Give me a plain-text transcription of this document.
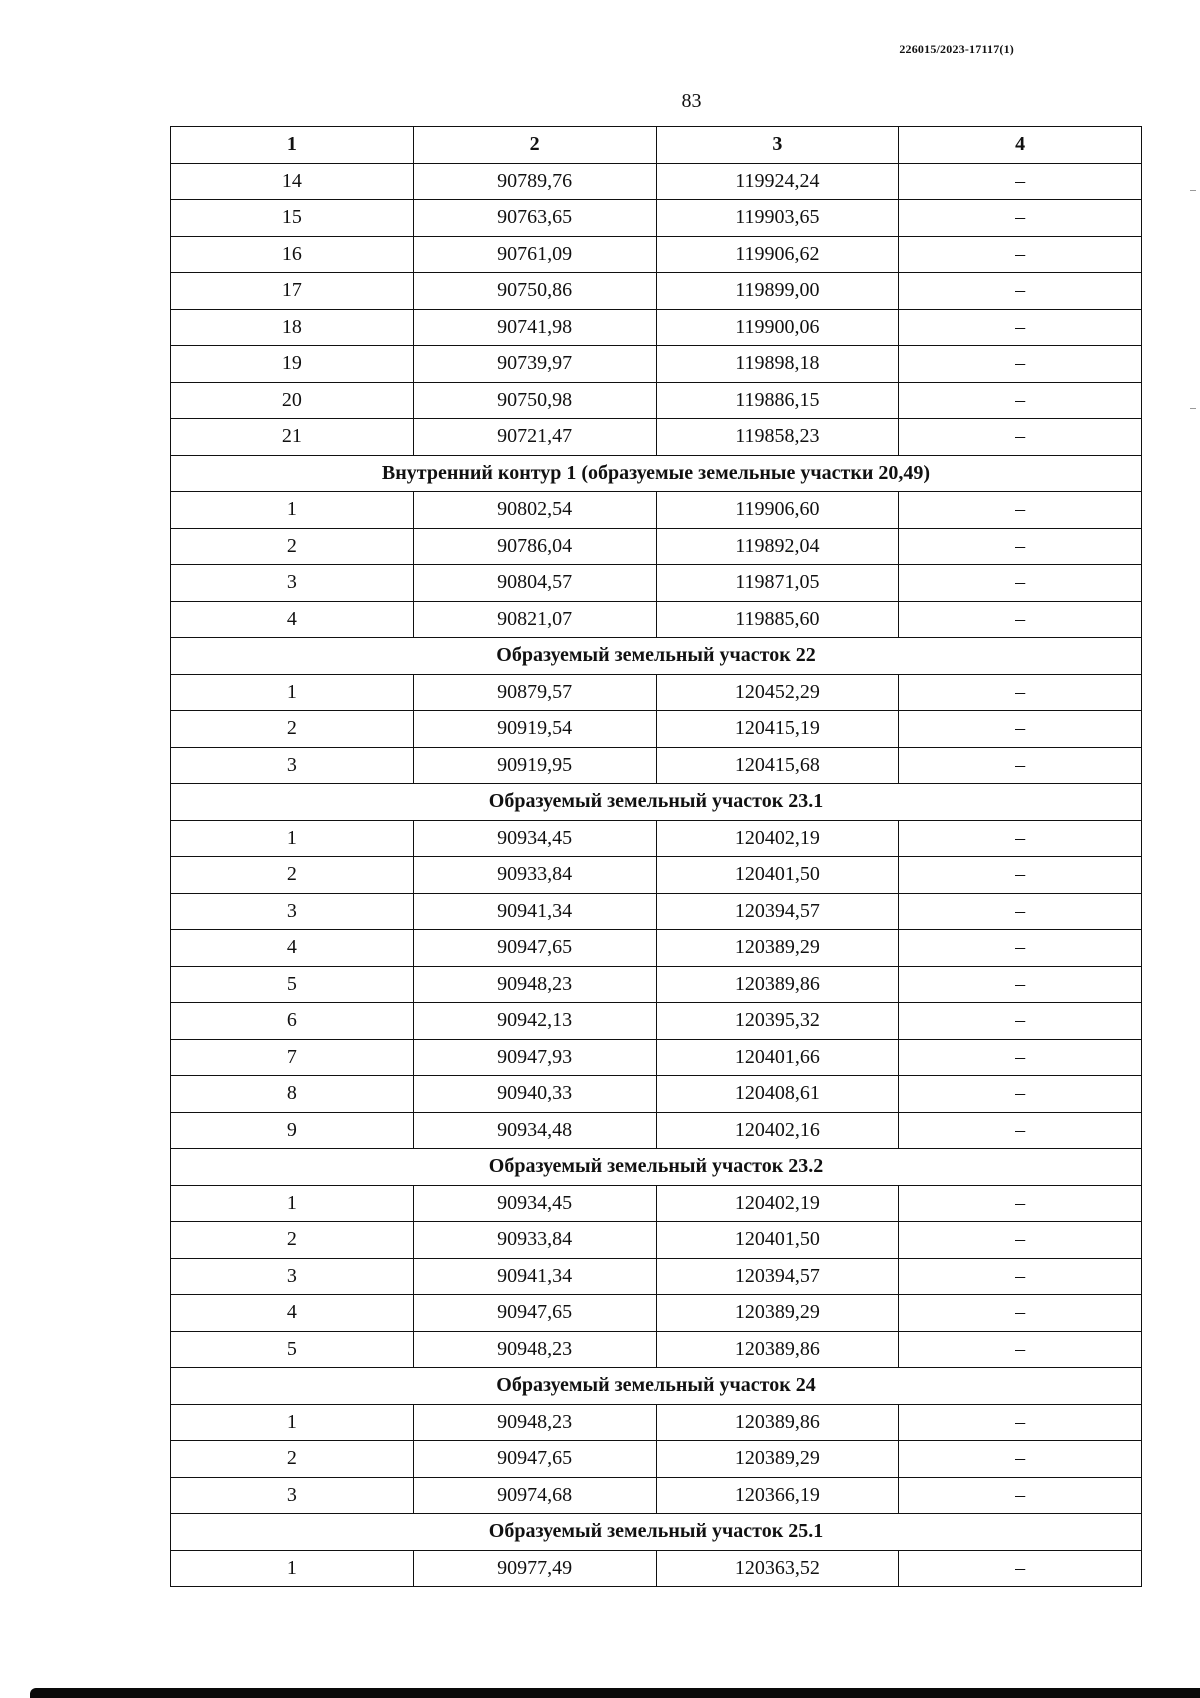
226015/2023-17117(1)
83
1	2	3	4
14	90789,76	119924,24	–
15	90763,65	119903,65	–
16	90761,09	119906,62	–
17	90750,86	119899,00	–
18	90741,98	119900,06	–
19	90739,97	119898,18	–
20	90750,98	119886,15	–
21	90721,47	119858,23	–
Внутренний контур 1 (образуемые земельные участки 20,49)			
1	90802,54	119906,60	–
2	90786,04	119892,04	–
3	90804,57	119871,05	–
4	90821,07	119885,60	–
Образуемый земельный участок 22			
1	90879,57	120452,29	–
2	90919,54	120415,19	–
3	90919,95	120415,68	–
Образуемый земельный участок 23.1			
1	90934,45	120402,19	–
2	90933,84	120401,50	–
3	90941,34	120394,57	–
4	90947,65	120389,29	–
5	90948,23	120389,86	–
6	90942,13	120395,32	–
7	90947,93	120401,66	–
8	90940,33	120408,61	–
9	90934,48	120402,16	–
Образуемый земельный участок 23.2			
1	90934,45	120402,19	–
2	90933,84	120401,50	–
3	90941,34	120394,57	–
4	90947,65	120389,29	–
5	90948,23	120389,86	–
Образуемый земельный участок 24			
1	90948,23	120389,86	–
2	90947,65	120389,29	–
3	90974,68	120366,19	–
Образуемый земельный участок 25.1			
1	90977,49	120363,52	–
